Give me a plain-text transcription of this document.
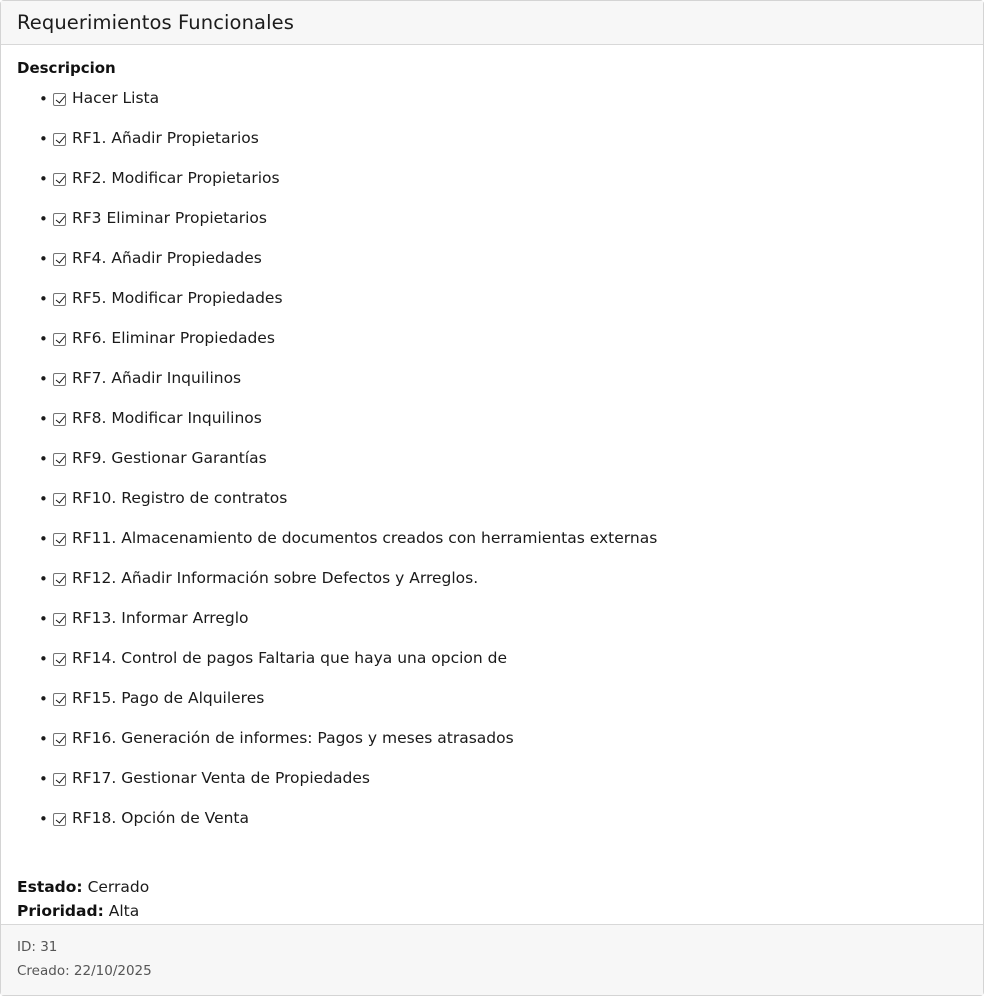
Requerimientos Funcionales
Descripcion
• Hacer Lista
• RF1. Añadir Propietarios
• RF2. Modificar Propietarios
• RF3 Eliminar Propietarios
• RF4. Añadir Propiedades
• RF5. Modificar Propiedades
• RF6. Eliminar Propiedades
• RF7. Añadir Inquilinos
• RF8. Modificar Inquilinos
• RF9. Gestionar Garantías
• RF10. Registro de contratos
• RF11. Almacenamiento de documentos creados con herramientas externas
• RF12. Añadir Información sobre Defectos y Arreglos.
• RF13. Informar Arreglo
• RF14. Control de pagos Faltaria que haya una opcion de
• RF15. Pago de Alquileres
• RF16. Generación de informes: Pagos y meses atrasados
• RF17. Gestionar Venta de Propiedades
• RF18. Opción de Venta
Estado: Cerrado
Prioridad: Alta
ID: 31
Creado: 22/10/2025
